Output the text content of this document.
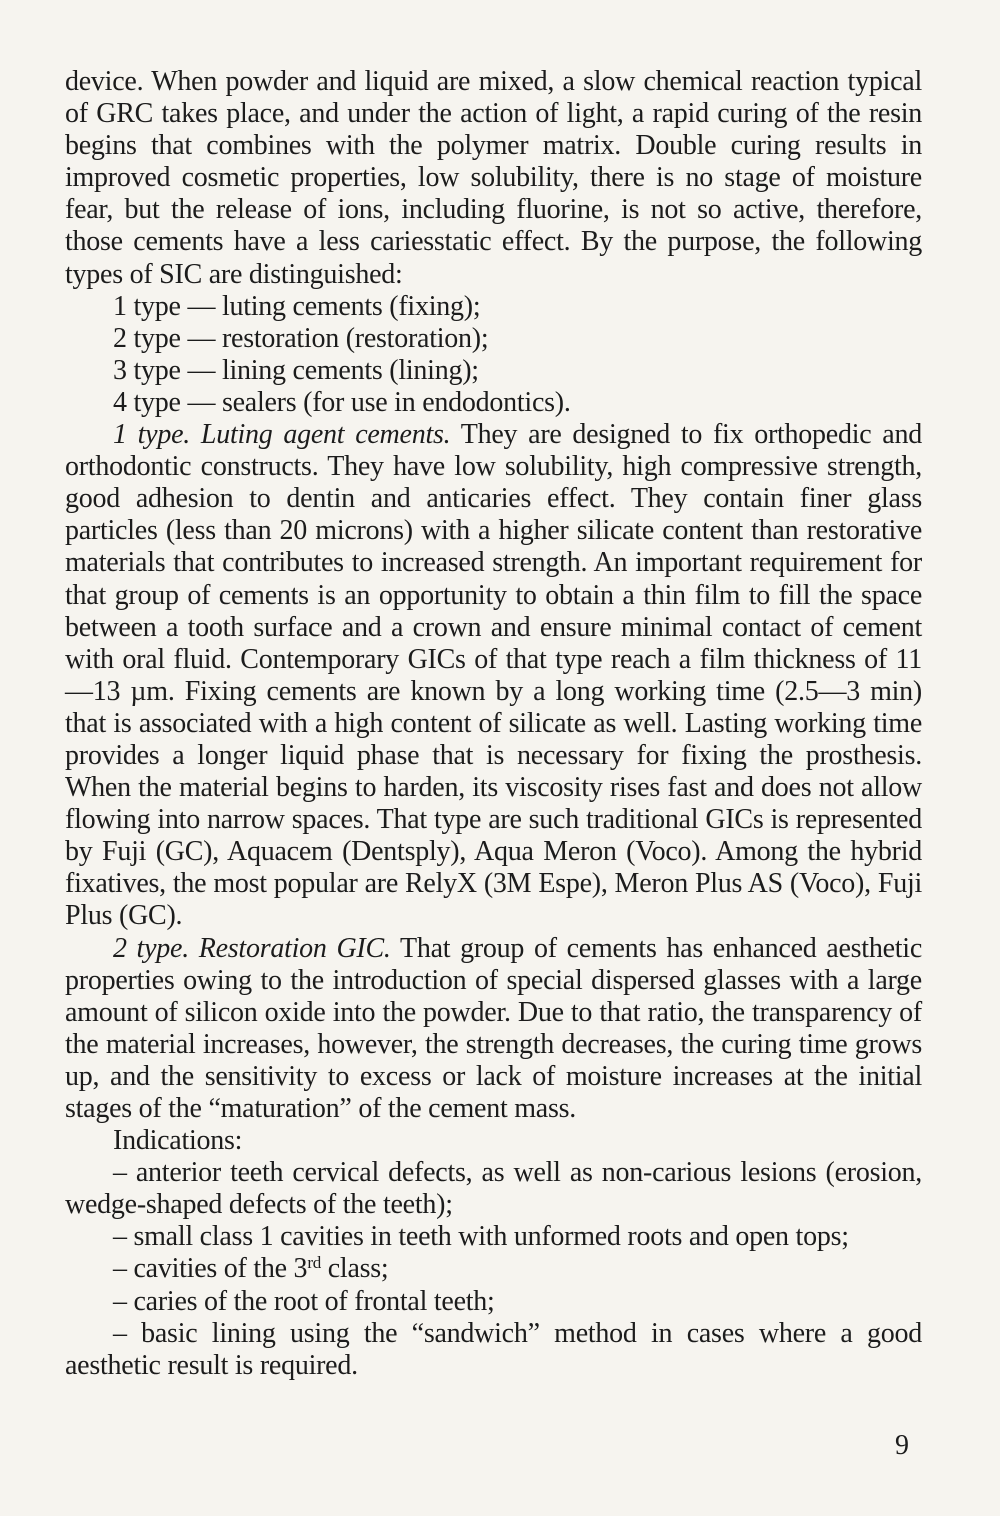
device. When powder and liquid are mixed, a slow chemical reaction typical of GRC takes place, and under the action of light, a rapid curing of the resin begins that combines with the polymer matrix. Double curing results in improved cosmetic properties, low solubility, there is no stage of moisture fear, but the release of ions, including fluorine, is not so active, therefore, those cements have a less cariesstatic effect. By the purpose, the following types of SIC are distinguished:

1 type — luting cements (fixing);

2 type — restoration (restoration);

3 type — lining cements (lining);

4 type — sealers (for use in endodontics).

1 type. Luting agent cements. They are designed to fix orthopedic and orthodontic constructs. They have low solubility, high compressive strength, good adhesion to dentin and anticaries effect. They contain finer glass particles (less than 20 microns) with a higher silicate content than restorative materials that contributes to increased strength. An important requirement for that group of cements is an opportunity to obtain a thin film to fill the space between a tooth surface and a crown and ensure minimal contact of cement with oral fluid. Contemporary GICs of that type reach a film thickness of 11—13 µm. Fixing cements are known by a long working time (2.5—3 min) that is associated with a high content of silicate as well. Lasting working time provides a longer liquid phase that is necessary for fixing the prosthesis. When the material begins to harden, its viscosity rises fast and does not allow flowing into narrow spaces. That type are such traditional GICs is represented by Fuji (GC), Aquacem (Dentsply), Aqua Meron (Voco). Among the hybrid fixatives, the most popular are RelyX (3M Espe), Meron Plus AS (Voco), Fuji Plus (GC).

2 type. Restoration GIC. That group of cements has enhanced aesthetic properties owing to the introduction of special dispersed glasses with a large amount of silicon oxide into the powder. Due to that ratio, the transparency of the material increases, however, the strength decreases, the curing time grows up, and the sensitivity to excess or lack of moisture increases at the initial stages of the “maturation” of the cement mass.

Indications:

– anterior teeth cervical defects, as well as non-carious lesions (erosion, wedge-shaped defects of the teeth);

– small class 1 cavities in teeth with unformed roots and open tops;

– cavities of the 3rd class;

– caries of the root of frontal teeth;

– basic lining using the “sandwich” method in cases where a good aesthetic result is required.

9
